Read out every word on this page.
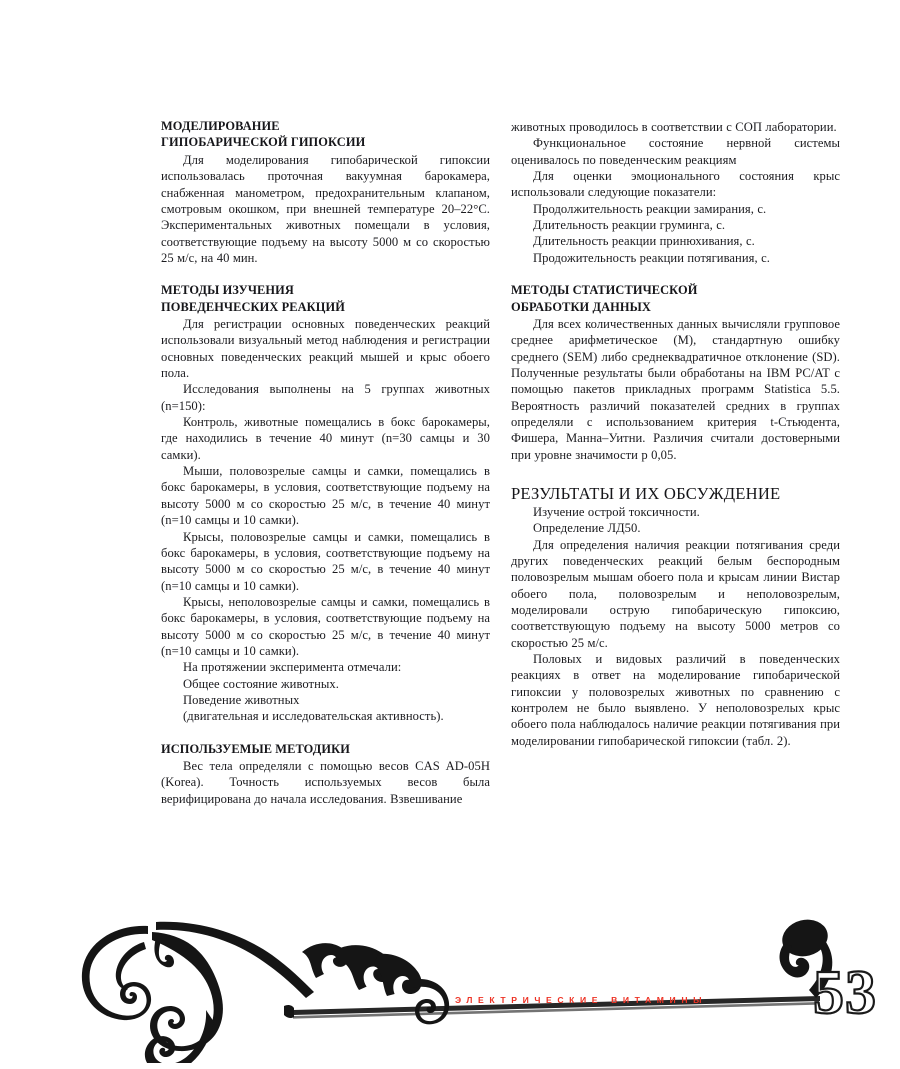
МОДЕЛИРОВАНИЕ
ГИПОБАРИЧЕСКОЙ ГИПОКСИИ

Для моделирования гипобарической гипоксии использовалась проточная вакуумная барокамера, снабженная манометром, предохранительным клапаном, смотровым окошком, при внешней температуре 20–22°С. Экспериментальных животных помещали в условия, соответствующие подъему на высоту 5000 м со скоростью 25 м/с, на 40 мин.

МЕТОДЫ ИЗУЧЕНИЯ
ПОВЕДЕНЧЕСКИХ РЕАКЦИЙ

Для регистрации основных поведенческих реакций использовали визуальный метод наблюдения и регистрации основных поведенческих реакций мышей и крыс обоего пола.

Исследования выполнены на 5 группах животных (n=150):

Контроль, животные помещались в бокс барокамеры, где находились в течение 40 минут (n=30 самцы и 30 самки).

Мыши, половозрелые самцы и самки, помещались в бокс барокамеры, в условия, соответствующие подъему на высоту 5000 м со скоростью 25 м/с, в течение 40 минут (n=10 самцы и 10 самки).

Крысы, половозрелые самцы и самки, помещались в бокс барокамеры, в условия, соответствующие подъему на высоту 5000 м со скоростью 25 м/с, в течение 40 минут (n=10 самцы и 10 самки).

Крысы, неполовозрелые самцы и самки, помещались в бокс барокамеры, в условия, соответствующие подъему на высоту 5000 м со скоростью 25 м/с, в течение 40 минут (n=10 самцы и 10 самки).

На протяжении эксперимента отмечали:

Общее состояние животных.

Поведение животных

(двигательная и исследовательская активность).

ИСПОЛЬЗУЕМЫЕ МЕТОДИКИ

Вес тела определяли с помощью весов CAS AD-05Н (Korea). Точность используемых весов была верифицирована до начала исследования. Взвешивание

животных проводилось в соответствии с СОП лаборатории.

Функциональное состояние нервной системы оценивалось по поведенческим реакциям

Для оценки эмоционального состояния крыс использовали следующие показатели:

Продолжительность реакции замирания, с.

Длительность реакции груминга, с.

Длительность реакции принюхивания, с.

Продожительность реакции потягивания, с.

МЕТОДЫ СТАТИСТИЧЕСКОЙ
ОБРАБОТКИ ДАННЫХ

Для всех количественных данных вычисляли групповое среднее арифметическое (М), стандартную ошибку среднего (SEM) либо среднеквадратичное отклонение (SD). Полученные результаты были обработаны на IBM PC/AT с помощью пакетов прикладных программ Statistica 5.5. Вероятность различий показателей средних в группах определяли с использованием критерия t-Стьюдента, Фишера, Манна–Уитни. Различия считали достоверными при уровне значимости p 0,05.

РЕЗУЛЬТАТЫ И ИХ ОБСУЖДЕНИЕ

Изучение острой токсичности.

Определение ЛД50.

Для определения наличия реакции потягивания среди других поведенческих реакций белым беспородным половозрелым мышам обоего пола и крысам линии Вистар обоего пола, половозрелым и неполовозрелым, моделировали острую гипобарическую гипоксию, соответствующую подъему на высоту 5000 метров со скоростью 25 м/с.

Половых и видовых различий в поведенческих реакциях в ответ на моделирование гипобарической гипоксии у половозрелых животных по сравнению с контролем не было выявлено. У неполовозрелых крыс обоего пола наблюдалось наличие реакции потягивания при моделировании гипобарической гипоксии (табл. 2).

53
ЭЛЕКТРИЧЕСКИЕ ВИТАМИНЫ
